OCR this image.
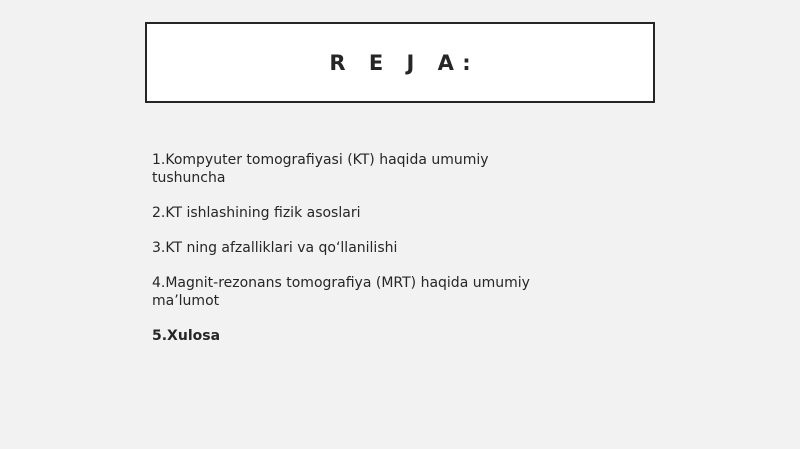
R E J A:
1.Kompyuter tomografiyasi (KT) haqida umumiy tushuncha
2.KT ishlashining fizik asoslari
3.KT ning afzalliklari va qo‘llanilishi
4.Magnit-rezonans tomografiya (MRT) haqida umumiy ma’lumot
5.Xulosa
